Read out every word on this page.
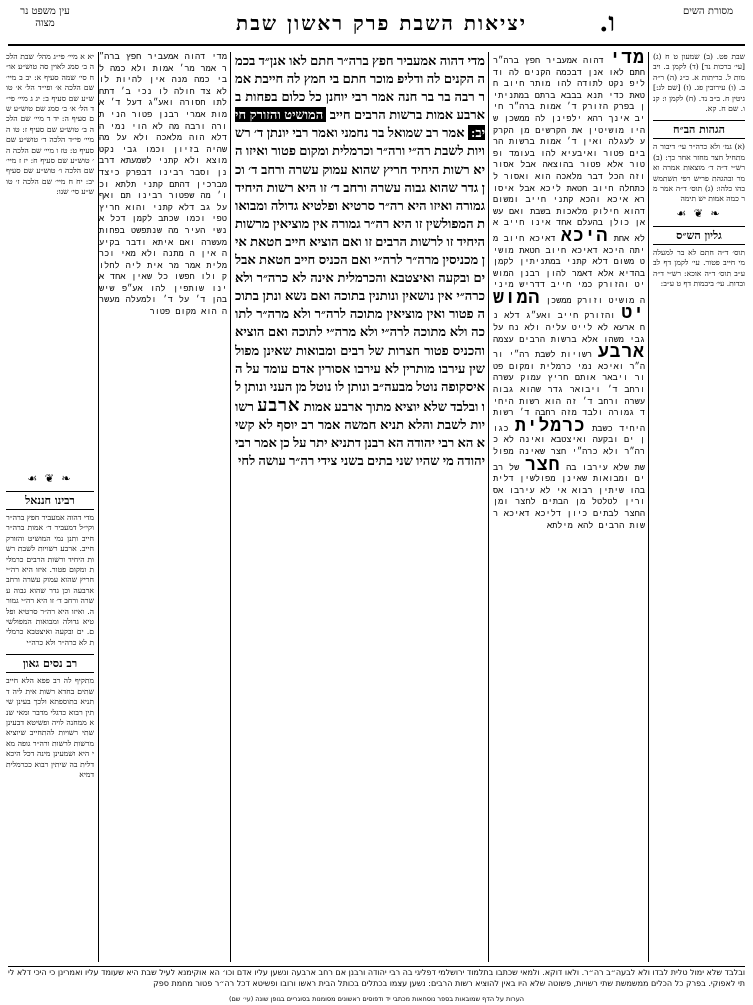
מסורת השים
ו.
יציאות השבת פרק ראשון שבת
עין משפט נר מצוה
שבת פט. (ב) שמעון ט ח (ג) [עי׳ ברכות נד] (ד) לקמן ב. ויבמות ל. כריתות א. כ״ג (ה) ר״ה ב. (ו) עירובין פג. (ז) [שם לג:] גיטין ח. ב״ב נד. (ח) לקמן ו: קנו. שם ח. קא.
הגהות הב״ח
(א) גמ׳ ולא כרה״ר עי׳ דיבור המתחיל חצר מחזר אחר כך: (ב) רש״י ד״ה ד׳ מוצאות אמרה ואמר ובהגהת פריש רפי תשתמש בהו כלהו: (ג) תוס׳ ד״ה אמר מר כמה אמות יש תימה
❧ ❦ ☙
גליון הש״ס
תוס׳ ד״ה חתם לא בר למעלה מי חייב פטור. עי׳ לקמן דף לב ע״ב תוס׳ ד״ה אוכא: רש״י ד״ה ובדות. עי׳ ביבמות דף ט ע״ב:
מדי דהוה אמעביר חפץ ברה״ר חתם לאו אנן דבכמה הקנים לה ודליפ נקט לתודה להו מותר חיוב חטאת כדי תנא בבבא ברתם במתניתין בפרק הזורק ד׳ אמות ברה״ר חייב אינך רהא ילפינן לה ממשכן שהיו מושיטין את הקרשים מן הקרקע לעגלה ואין ד׳ אמות ברשות הרבים פטור ואיבעיא להו בעומד ופטור אלא פטור בהוצאה אבל אסור וזה הכל דבר מלאכה הוא ואסור לכתחלה חיוב חטאת ליכא אבל איסורא איכא והכא קתני חייב ומשום דהוא חילוק מלאכות בשבת ואם עשאן כולן בהעלם אחד אינו חייב אלא אחת היכא דאיכא חיוב מיתה היכא דאיכא חיוב חטאת מושיט משום דלא קתני במתניתין לקמן בהדיא אלא דאמר להון רבנן המושיט והזורק כמי חייב דדריש מיניה מושיט וזורק ממשכן המושיט והזורק חייב ואע״ג דלא נח ארעא לא לייט עליה ולא נח על גבי משהו אלא ברשות הרבים עצמה ארבע רשויות לשבת רה״י ורה״ר ואיכא נמי כרמלית ומקום פטור ויבאר אותם חריץ עמוק עשרה ורחב ד׳ ויבואר גדר שהוא גבוה עשרה ורחב ד׳ זה הוא רשות היחיד גמורה ולבד מזה רחבה ד׳ רשות היחיד כשבת כרמלית כגון ים ובקעה ואיצטבא ואינה לא כרה״ר ולא כרה״י חצר שאינה מפולשת שלא עירבו בה חצר של רבים ומבואות שאינן מפולשין דלית בהו שיתין רבוא אי לא עירבו אסורין לטלטל מן הבתים לחצר ומן החצר לבתים כיון דליכא דאיכא רשות הרבים להא מילתא
מדי דהוה אמעביר חפץ ברה״ר חתם לאו אנן״ד בכמה הקנים לה ודליפ מוכר חתם בי חמץ לה חייבת אמר רבה בר בר חנה אמר רבי יוחנן כל כלום בפחות בארבע אמות ברשות הרבים חייב המושיט והזורק חייב: אמר רב שמואל בר נחמני ואמר רבי יונתן ד׳ רשויות לשבת רה״י ורה״ר וכרמלית ומקום פטור ואיזו היא רשות היחיד חריץ שהוא עמוק עשרה ורחב ד׳ וכן גדר שהוא גבוה עשרה ורחב ד׳ זו היא רשות היחיד גמורה ואיזו היא רה״ר סרטיא ופלטיא גדולה ומבואות המפולשין זו היא רה״ר גמורה אין מוציאין מרשות היחיד זו לרשות הרבים זו ואם הוציא חייב חטאת אין מכניסין מרה״ר לרה״י ואם הכניס חייב חטאת אבל ים ובקעה ואיצטבא והכרמלית אינה לא כרה״ר ולא כרה״י אין נושאין ונותנין בתוכה ואם נשא ונתן בתוכה פטור ואין מוציאין מתוכה לרה״ר ולא מרה״ר לתוכה ולא מתוכה לרה״י ולא מרה״י לתוכה ואם הוציא והכניס פטור חצרות של רבים ומבואות שאינן מפולשין עירבו מותרין לא עירבו אסורין אדם עומד על האיסקופה נוטל מבעה״ב ונותן לו נוטל מן העני ונותן לו ובלבד שלא יוציא מתוך ארבע אמות ארבע רשויות לשבת והלא תניא חמשה אמר רב יוסף לא קשיא הא רבי יהודה הא רבנן דתניא יתר על כן אמר רבי יהודה מי שהיו שני בתים בשני צידי רה״ר עושה לחי
מדי דהוה אמעביר חפץ ברה״ר אמר מר׳ אמות ולא כמה לבי כמה מנה אין להיות לו לא צד חולה לו נכי ב׳ דתחלתו חסורה ואע״ג דעל ד׳ אמות אמרי רבנן פטור הני תורה ורבה מה לא הוי נמי ה דלא הוה מלאכה ולא על מה שהיה בזיון וכמו גבי נקט מוצא ולא קתני לשמעתא דרבנן וסבר רבינו דבפרק כיצד מברכין דהתם קתני תלתא וכו׳ מה שפטור רבינו תם ואף על גב דלא קתני והוא חריץ טפי וכמו שכתב לקמן דכל אנשי העיר מה שנתפשט בפחות מעשרה ואם איתא ודבר בקיעה אין ה מתנה ולא מאי וכרמלית אמר מר אית ליה לחלוק ולו חפשו כל שאין אחד אינו שותפין להו אע״פ שיש בהן ד׳ על ד׳ ולמעלה מעשרה הוא מקום פטור
יא א מיי׳ פי״ג מהל׳ שבת הלכה ב׳ סמג לאוין סה טוש״ע או״ח סי׳ שמה סעיף א: יב ב מיי׳ שם הלכה א׳ ופי״ד הל׳ א׳ טוש״ע שם סעיף ב: יג ג מיי׳ פי״ד הל׳ א׳ ב׳ סמג שם טוש״ע שם סעיף ה: יד ד מיי׳ שם הלכה ב׳ טוש״ע שם סעיף ז: טו ה מיי׳ פי״ד הלכה ד׳ טוש״ע שם סעיף ט: טז ו מיי׳ שם הלכה ה׳ טוש״ע שם סעיף ח: יז ז מיי׳ שם הלכה ו׳ טוש״ע שם סעיף יב: יח ח מיי׳ שם הלכה ז׳ טוש״ע סי׳ שנו:
❧ ❦ ☙
רבינו חננאל
מדי דהוה אמעביר חפץ ברה״ר וקי״ל דמעביר ד׳ אמות ברה״ר חייב ותנן נמי המושיט והזורק חייב. ארבע רשויות לשבת רשות היחיד ורשות הרבים כרמלית ומקום פטור. איזו היא רה״י חריץ שהוא עמוק עשרה ורחב ארבעה וכן גדר שהוא גבוה עשרה ורחב ד׳ זו היא רה״י גמורה. ואיזו היא רה״ר סרטיא ופלטיא גדולה ומבואות המפולשים. ים ובקעה ואיצטבא כרמלית לא כרה״ר ולא כרה״י
רב נסים גאון
מתקיף לה רב פפא הלא חייב שתים בחדא רשות אית ליה דתניא בתוספתא ולכך בעינן שיתין רבוא כדגלי מדבר ומאי שנא ממחנה לויה ופשיטא דבעינן שתי רשויות להתחייב שיוציא מרשות לרשות ורה״ר גופה מאי היא ושמעינן מינה דכל היכא דלית בה שיתין רבוא ככרמלית דמיא
ובלבד שלא ימול טלית לבדו ולא לבעה״ב רה״ר. ולאו דוקא. ולמאי שכתבו בתלמוד ירושלמי דפליגי בה רבי יהודה ורבנן אם רחב ארבעה ונשען עליו אדם וכו׳ הא אוקימנא לעיל שבת היא שעומד עליו ואמרינן כי היכי דלא ליתי לאפוקי. בפרק כל הכלים ממשמשת שתי רשויות, פשוטה שלא היו באין להוציא רשות הרבים: נשען עצמו בכתלים בכותל הבית ראשו ורובו ופשיטא דכל רה״ר פטור מחמת ספק
הערות על הדף שמובאות בספר נוסחאות מכתבי יד ודפוסים ראשונים מסומנות בסוגריים בגופן שונה (עי׳ שם)
